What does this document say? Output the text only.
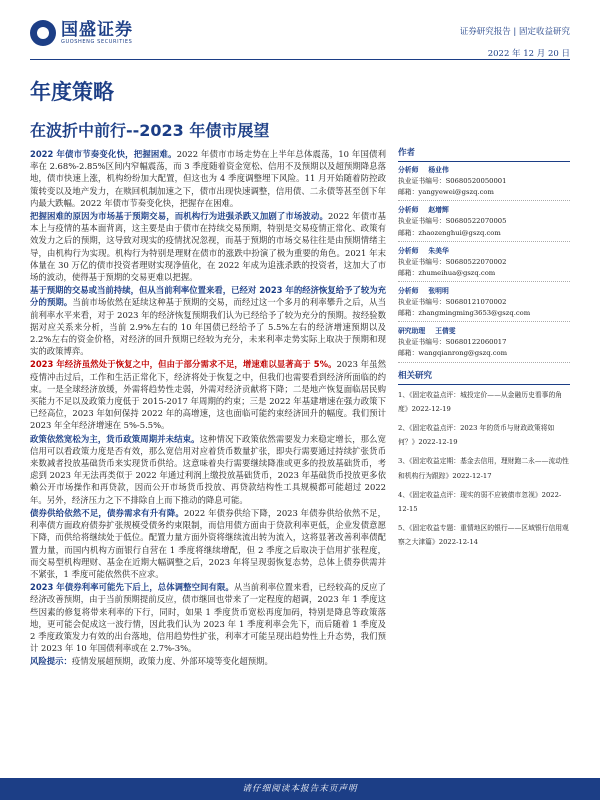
国盛证券
GUOSHENG SECURITIES
证券研究报告 | 固定收益研究
2022 年 12 月 20 日
年度策略
在波折中前行--2023 年债市展望

2022 年债市节奏变化快，把握困难。2022 年债市市场走势在上半年总体震荡，10 年国债利率在 2.68%-2.85%区间内窄幅震荡，而 3 季度随着资金宽松、信用不及预期以及超预期降息落地，债市快速上涨，机构纷纷加大配置，但这也为 4 季度调整埋下风险。11 月开始随着防控政策转变以及地产发力，在赎回机制加速之下，债市出现快速调整，信用债、二永债等甚至创下年内最大跌幅。2022 年债市节奏变化快，把握存在困难。

把握困难的原因为市场基于预期交易，而机构行为进强杀跌又加剧了市场波动。2022 年债市基本上与疫情的基本面背离，这主要是由于债市在持续交易预期，特别是交易疫情正常化、政策有效发力之后的预期，这导致对现实的疫情扰况忽视，而基于预期的市场交易往往是由预期情绪主导，由机构行为实现。机构行为特别是理财在债市的涨跌中扮演了极为重要的角色。2021 年末体量在 30 万亿的债市投资者理财实现净值化，在 2022 年成为追涨杀跌的投资者，这加大了市场的波动，使得基于预期的交易更难以把握。

基于预期的交易或当前持续，但从当前利率位置来看，已经对 2023 年的经济恢复给予了较为充分的预期。当前市场依然在延续这种基于预期的交易，而经过这一个多月的利率攀升之后，从当前利率水平来看，对于 2023 年的经济恢复预期我们认为已经给予了较为充分的预期。按经验数据对应关系来分析，当前 2.9%左右的 10 年国债已经给予了 5.5%左右的经济增速预期以及 2.2%左右的资金价格，对经济的回升预期已经较为充分，未来利率走势实际上取决于预期和现实的政策博弈。

2023 年经济虽然处于恢复之中，但由于部分需求不足，增速难以显著高于 5%。2023 年虽然疫情冲击过后，工作和生活正常化下，经济将处于恢复之中，但我们也需要看到经济所面临的约束。一是全球经济放缓，外需将趋势性走弱，外需对经济贡献将下降；二是地产恢复面临居民购买能力不足以及政策力度低于 2015-2017 年周期的约束；三是 2022 年基建增速在强力政策下已经高位，2023 年如何保持 2022 年的高增速，这也面临可能约束经济回升的幅度。我们预计 2023 年全年经济增速在 5%-5.5%。

政策依然宽松为主，货币政策周期并未结束。这种情况下政策依然需要发力来稳定增长，那么宽信用可以看政策力度是否有效，那么宽信用对应着货币数量扩张，即央行需要通过持续扩张货币来数减者投放基础货币来实现货币供给。这意味着央行需要继续降准或更多的投放基础货币，考虑到 2023 年无法再类似于 2022 年通过利润上缴投放基础货币，2023 年基础货币投放更多依赖公开市场操作和再贷款，因而公开市场货币投放、再贷款结构性工具规模都可能超过 2022 年。另外，经济压力之下不排除自上而下推动的降息可能。

债券供给依然不足，债券需求有升有降。2022 年债券供给下降，2023 年债券供给依然不足，利率债方面政府债券扩张规模受债务约束限制，而信用债方面由于贷款利率更低，企业发债意愿下降，而供给将继续处于低位。配置力量方面外资将继续流出转为流入，这将显著改善利率债配置力量，而国内机构方面银行自营在 1 季度将继续增配，但 2 季度之后取决于信用扩张程度，而交易型机构理财、基金在近期大幅调整之后，2023 年将呈现弱恢复态势，总体上债券供需并不紧张，1 季度可能依然供不应求。

2023 年债券利率可能先下后上，总体调整空间有限。从当前利率位置来看，已经较高的反应了经济改善预期，由于当前预期提前反应，债市继回也带来了一定程度的超调，2023 年 1 季度这些因素的修复将带来利率的下行，同时，如果 1 季度货币宽松再度加码，特别是降息等政策落地，更可能会促成这一波行情，因此我们认为 2023 年 1 季度利率会先下，而后随着 1 季度及 2 季度政策发力有效的出台落地，信用趋势性扩张，利率才可能呈现出趋势性上升态势，我们预计 2023 年 10 年国债利率或在 2.7%-3%。

风险提示：疫情发展超预期，政策力度、外部环境等变化超预期。

作者
分析师 杨业伟
执业证书编号：S0680520050001
邮箱：yangyewei@gszq.com
分析师 赵增辉
执业证书编号：S0680522070005
邮箱：zhaozenghui@gszq.com
分析师 朱美华
执业证书编号：S0680522070002
邮箱：zhumeihua@gszq.com
分析师 张明明
执业证书编号：S0680121070002
邮箱：zhangmingming3653@gszq.com
研究助理 王倩雯
执业证书编号：S0680122060017
邮箱：wangqianrong@gszq.com
相关研究
1、《固定收益点评：城投定价——从金融历史看事的角度》2022-12-19
2、《固定收益点评：2023 年的货币与财政政策将如何？》2022-12-19
3、《固定收益定期：基金去信用，理财跑二永——流动性和机构行为跟踪》2022-12-17
4、《固定收益点评：现实的弱不应被债市忽视》2022-12-15
5、《固定收益专题：重情地区的银行——区域银行信用观察之大津篇》2022-12-14
请仔细阅读本报告末页声明
